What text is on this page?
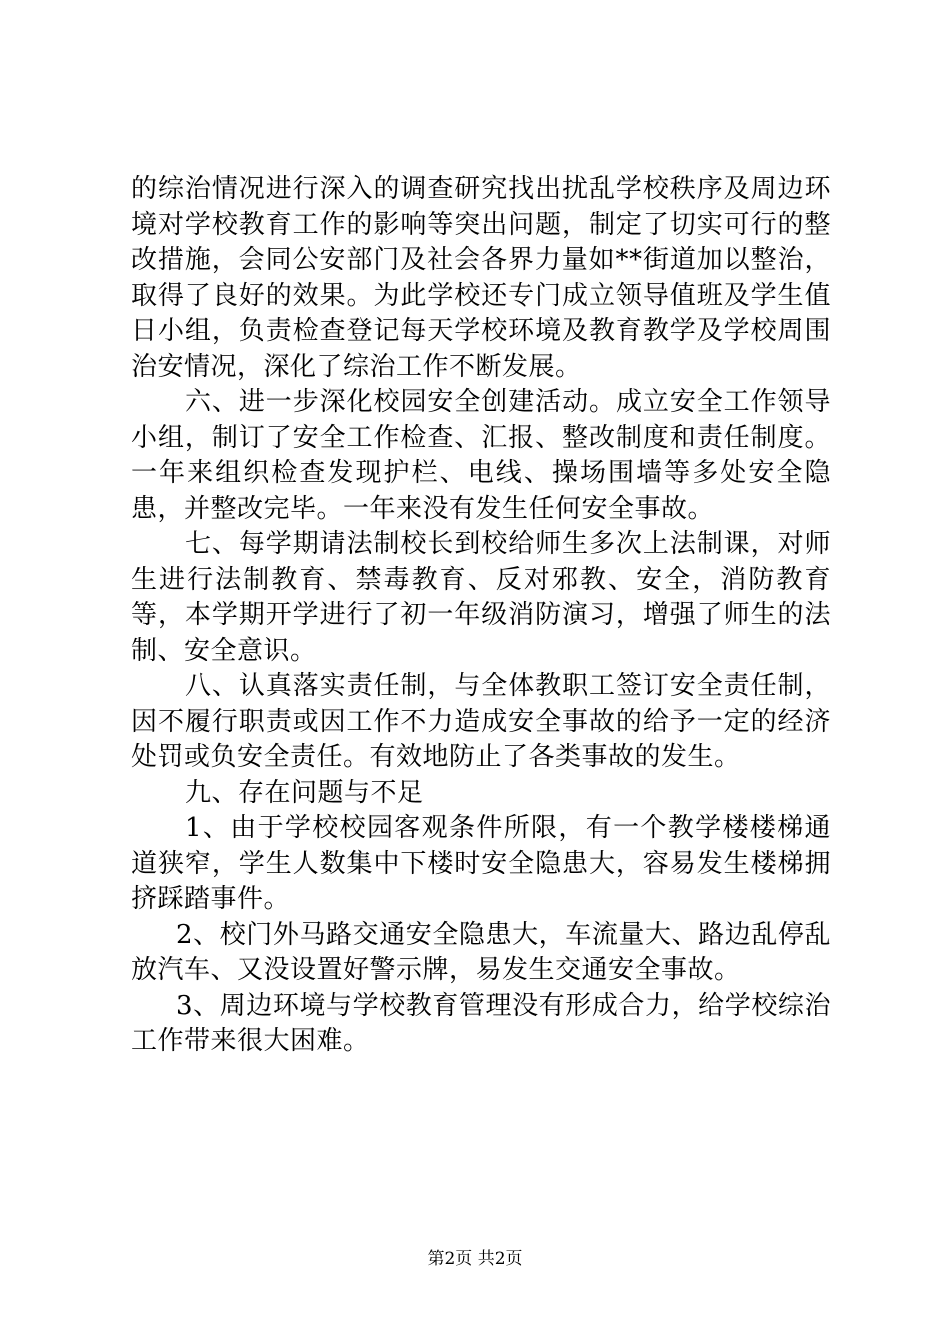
的综治情况进行深入的调查研究找出扰乱学校秩序及周边环境对学校教育工作的影响等突出问题，制定了切实可行的整改措施，会同公安部门及社会各界力量如**街道加以整治，取得了良好的效果。为此学校还专门成立领导值班及学生值日小组，负责检查登记每天学校环境及教育教学及学校周围治安情况，深化了综治工作不断发展。

六、进一步深化校园安全创建活动。成立安全工作领导小组，制订了安全工作检查、汇报、整改制度和责任制度。一年来组织检查发现护栏、电线、操场围墙等多处安全隐患，并整改完毕。一年来没有发生任何安全事故。

七、每学期请法制校长到校给师生多次上法制课，对师生进行法制教育、禁毒教育、反对邪教、安全，消防教育等，本学期开学进行了初一年级消防演习，增强了师生的法制、安全意识。

八、认真落实责任制，与全体教职工签订安全责任制，因不履行职责或因工作不力造成安全事故的给予一定的经济处罚或负安全责任。有效地防止了各类事故的发生。

九、存在问题与不足

1、由于学校校园客观条件所限，有一个教学楼楼梯通道狭窄，学生人数集中下楼时安全隐患大，容易发生楼梯拥挤踩踏事件。

2、校门外马路交通安全隐患大，车流量大、路边乱停乱放汽车、又没设置好警示牌，易发生交通安全事故。

3、周边环境与学校教育管理没有形成合力，给学校综治工作带来很大困难。

第2页 共2页
